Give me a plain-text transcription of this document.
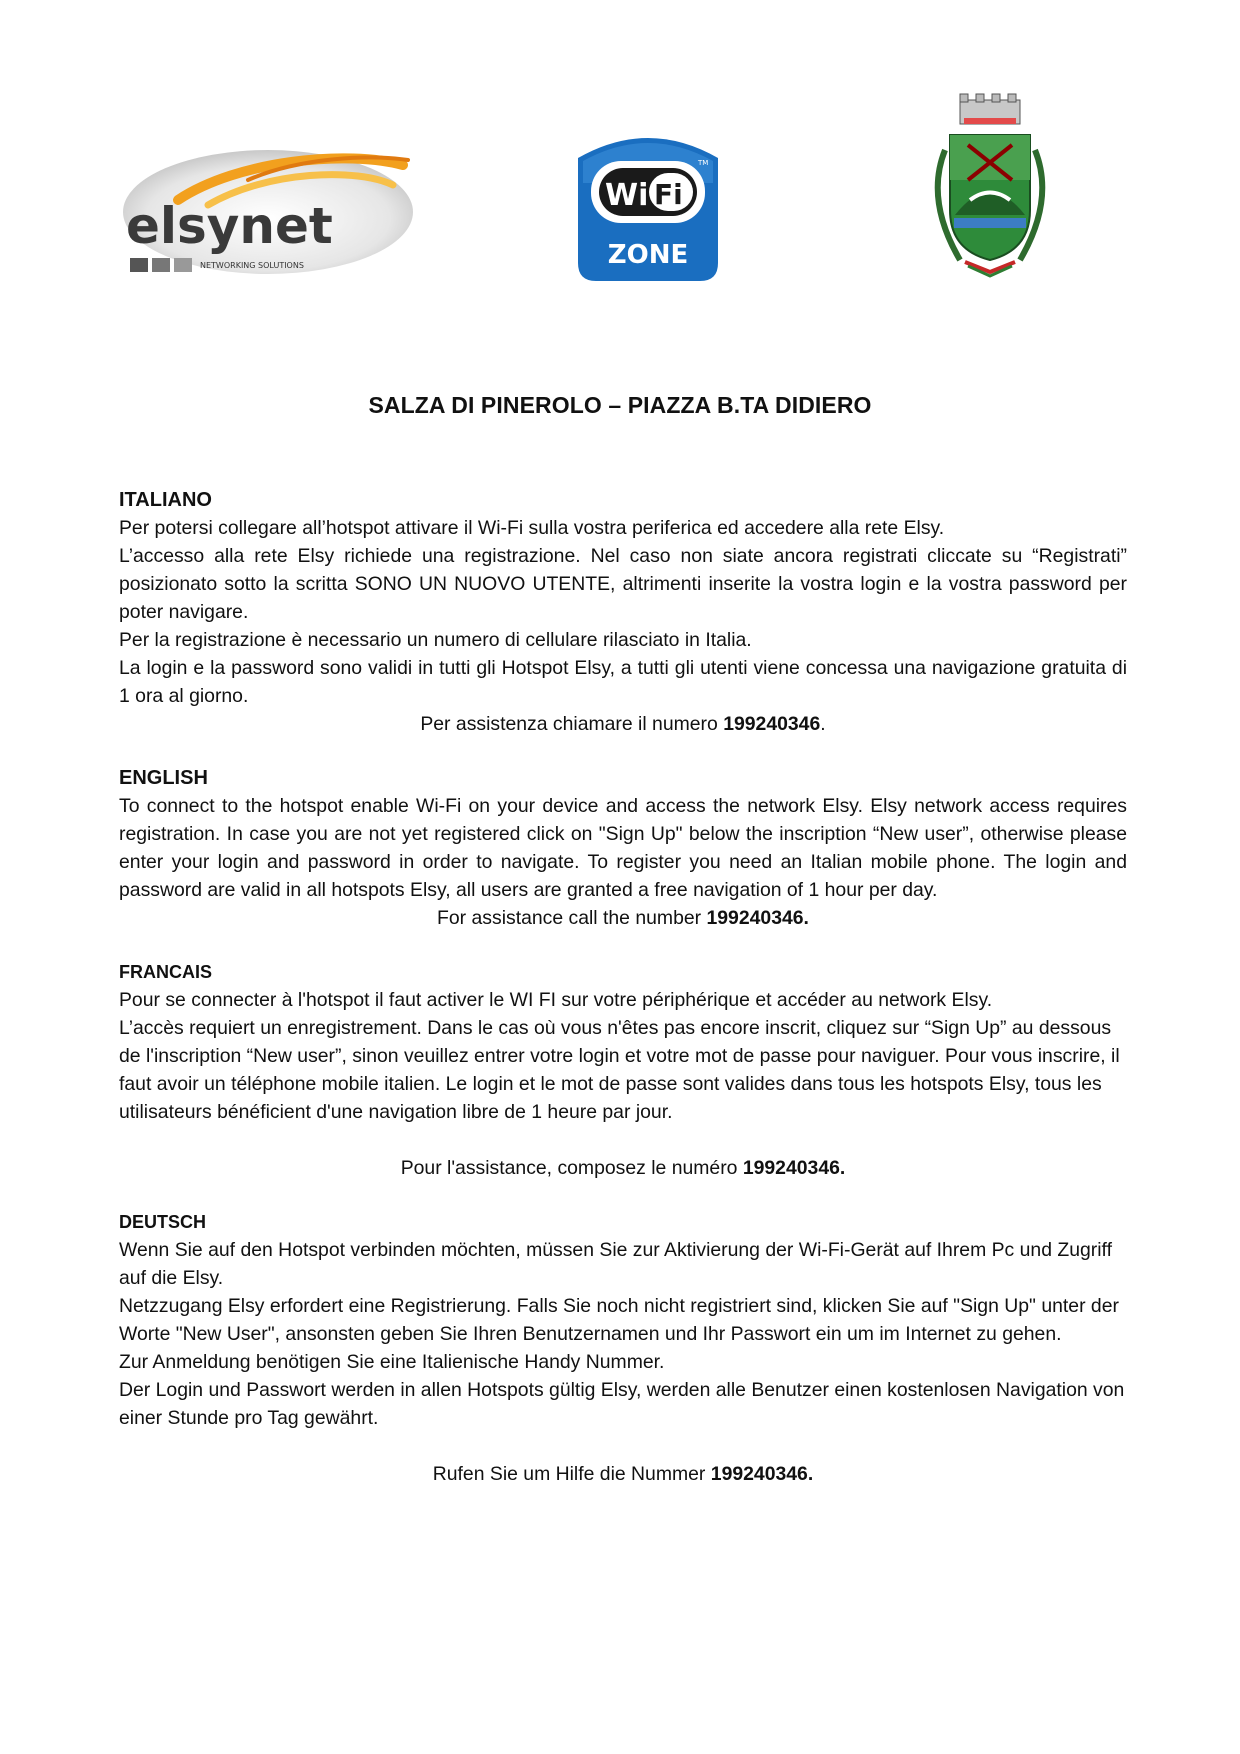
elsynet
NETWORKING SOLUTIONS
Wi Fi
TM
ZONE
SALZA DI PINEROLO – PIAZZA B.TA DIDIERO
ITALIANO

Per potersi collegare all’hotspot attivare il Wi-Fi sulla vostra periferica ed accedere alla rete Elsy.

L’accesso alla rete Elsy richiede una registrazione. Nel caso non siate ancora registrati cliccate su “Registrati” posizionato sotto la scritta SONO UN NUOVO UTENTE, altrimenti inserite la vostra login e la vostra password per poter navigare.

Per la registrazione è necessario un numero di cellulare rilasciato in Italia.

La login e la password sono validi in tutti gli Hotspot Elsy, a tutti gli utenti viene concessa una navigazione gratuita di 1 ora al giorno.

Per assistenza chiamare il numero 199240346.

ENGLISH

To connect to the hotspot enable Wi-Fi on your device and access the network Elsy. Elsy network access requires registration. In case you are not yet registered click on "Sign Up" below the inscription “New user”, otherwise please enter your login and password in order to navigate. To register you need an Italian mobile phone. The login and password are valid in all hotspots Elsy, all users are granted a free navigation of 1 hour per day.

For assistance call the number 199240346.

FRANCAIS

Pour se connecter à l'hotspot il faut activer le WI FI sur votre périphérique et accéder au network Elsy.

L’accès requiert un enregistrement. Dans le cas où vous n'êtes pas encore inscrit, cliquez sur “Sign Up” au dessous de l'inscription “New user”, sinon veuillez entrer votre login et votre mot de passe pour naviguer. Pour vous inscrire, il faut avoir un téléphone mobile italien. Le login et le mot de passe sont valides dans tous les hotspots Elsy, tous les utilisateurs bénéficient d'une navigation libre de 1 heure par jour.

Pour l'assistance, composez le numéro 199240346.

DEUTSCH

Wenn Sie auf den Hotspot verbinden möchten, müssen Sie zur Aktivierung der Wi-Fi-Gerät auf Ihrem Pc und Zugriff auf die Elsy.

Netzzugang Elsy erfordert eine Registrierung. Falls Sie noch nicht registriert sind, klicken Sie auf "Sign Up" unter der Worte "New User", ansonsten geben Sie Ihren Benutzernamen und Ihr Passwort ein um im Internet zu gehen.

Zur Anmeldung benötigen Sie eine Italienische Handy Nummer.

Der Login und Passwort werden in allen Hotspots gültig Elsy, werden alle Benutzer einen kostenlosen Navigation von einer Stunde pro Tag gewährt.

Rufen Sie um Hilfe die Nummer 199240346.
